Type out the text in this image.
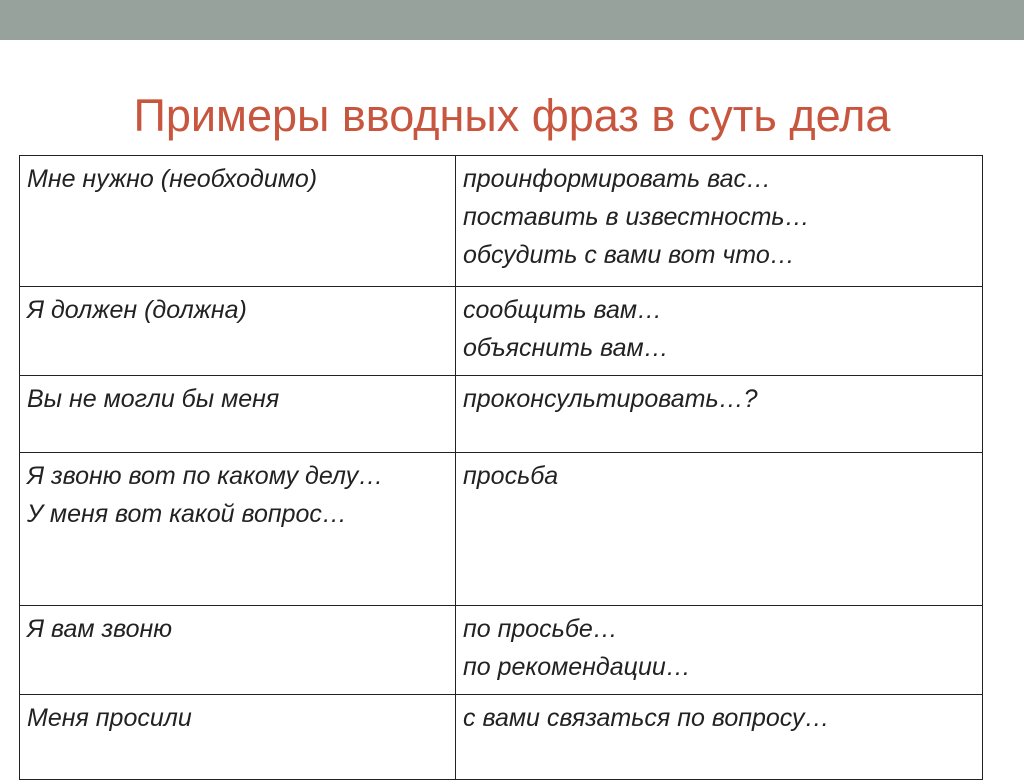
Примеры вводных фраз в суть дела
Мне нужно (необходимо)	проинформировать вас…
поставить в известность…
обсудить с вами вот что…

Я должен (должна)	сообщить вам…
объяснить вам…

Вы не могли бы меня	проконсультировать…?

Я звоню вот по какому делу…
У меня вот какой вопрос…	просьба

Я вам звоню	по просьбе…
по рекомендации…

Меня просили	с вами связаться по вопросу…
